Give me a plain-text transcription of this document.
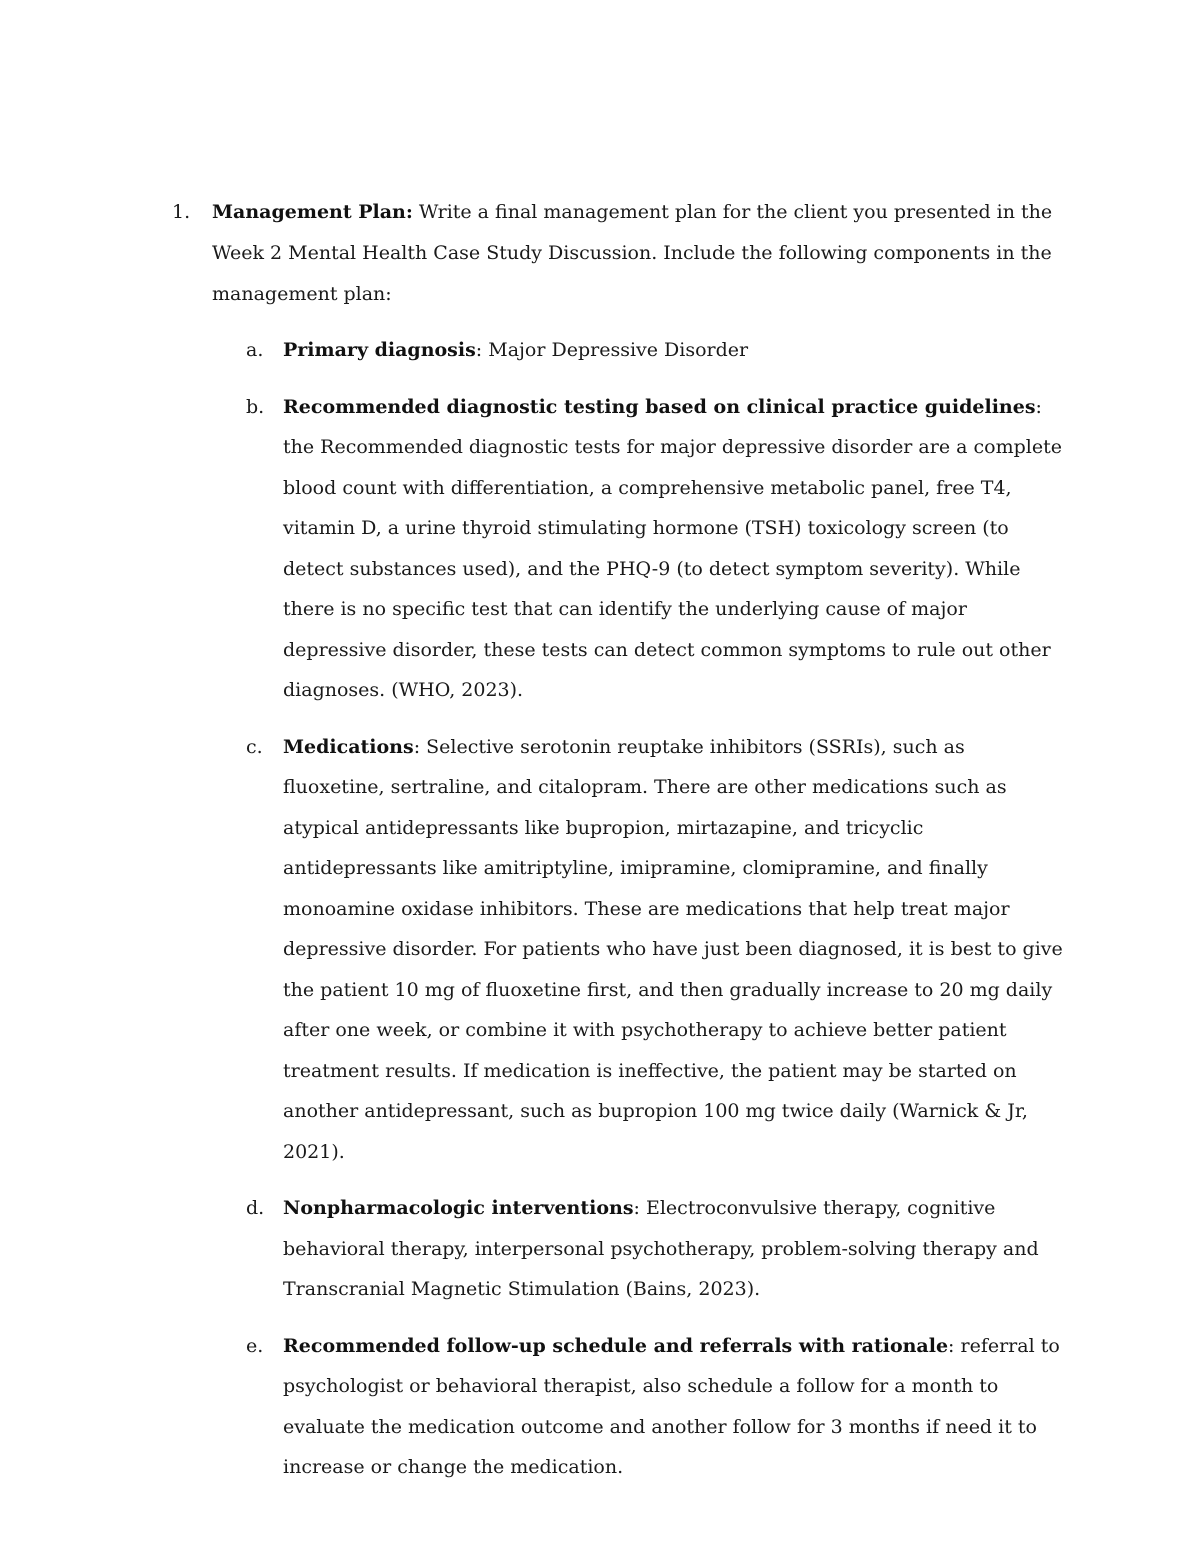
1. Management Plan: Write a final management plan for the client you presented in the Week 2 Mental Health Case Study Discussion. Include the following components in the management plan:

a. Primary diagnosis: Major Depressive Disorder

b. Recommended diagnostic testing based on clinical practice guidelines: the Recommended diagnostic tests for major depressive disorder are a complete blood count with differentiation, a comprehensive metabolic panel, free T4, vitamin D, a urine thyroid stimulating hormone (TSH) toxicology screen (to detect substances used), and the PHQ-9 (to detect symptom severity). While there is no specific test that can identify the underlying cause of major depressive disorder, these tests can detect common symptoms to rule out other diagnoses. (WHO, 2023).

c. Medications: Selective serotonin reuptake inhibitors (SSRIs), such as fluoxetine, sertraline, and citalopram. There are other medications such as atypical antidepressants like bupropion, mirtazapine, and tricyclic antidepressants like amitriptyline, imipramine, clomipramine, and finally monoamine oxidase inhibitors. These are medications that help treat major depressive disorder. For patients who have just been diagnosed, it is best to give the patient 10 mg of fluoxetine first, and then gradually increase to 20 mg daily after one week, or combine it with psychotherapy to achieve better patient treatment results. If medication is ineffective, the patient may be started on another antidepressant, such as bupropion 100 mg twice daily (Warnick & Jr, 2021).

d. Nonpharmacologic interventions: Electroconvulsive therapy, cognitive behavioral therapy, interpersonal psychotherapy, problem-solving therapy and Transcranial Magnetic Stimulation (Bains, 2023).

e. Recommended follow-up schedule and referrals with rationale: referral to psychologist or behavioral therapist, also schedule a follow for a month to evaluate the medication outcome and another follow for 3 months if need it to increase or change the medication.
